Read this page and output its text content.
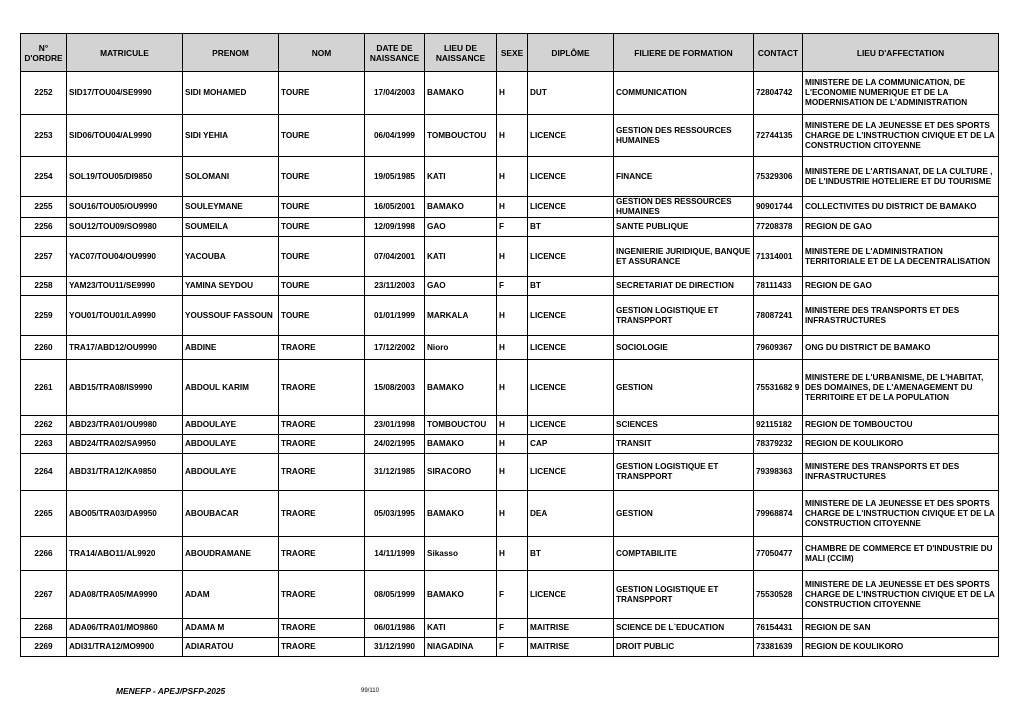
N° D'ORDRE	MATRICULE	PRENOM	NOM	DATE DE NAISSANCE	LIEU DE NAISSANCE	SEXE	DIPLÔME	FILIERE DE FORMATION	CONTACT	LIEU D'AFFECTATION
2252	SID17/TOU04/SE9990	SIDI MOHAMED	TOURE	17/04/2003	BAMAKO	H	DUT	COMMUNICATION	72804742	MINISTERE DE LA COMMUNICATION, DE L'ECONOMIE NUMERIQUE ET DE LA MODERNISATION DE L'ADMINISTRATION
2253	SID06/TOU04/AL9990	SIDI YEHIA	TOURE	06/04/1999	TOMBOUCTOU	H	LICENCE	GESTION DES RESSOURCES HUMAINES	72744135	MINISTERE DE LA JEUNESSE ET DES SPORTS CHARGE DE L'INSTRUCTION CIVIQUE ET DE LA CONSTRUCTION CITOYENNE
2254	SOL19/TOU05/DI9850	SOLOMANI	TOURE	19/05/1985	KATI	H	LICENCE	FINANCE	75329306	MINISTERE DE L'ARTISANAT, DE LA CULTURE , DE L'INDUSTRIE HOTELIERE ET DU TOURISME
2255	SOU16/TOU05/OU9990	SOULEYMANE	TOURE	16/05/2001	BAMAKO	H	LICENCE	GESTION DES RESSOURCES HUMAINES	90901744	COLLECTIVITES DU DISTRICT DE BAMAKO
2256	SOU12/TOU09/SO9980	SOUMEILA	TOURE	12/09/1998	GAO	F	BT	SANTE PUBLIQUE	77208378	REGION DE GAO
2257	YAC07/TOU04/OU9990	YACOUBA	TOURE	07/04/2001	KATI	H	LICENCE	INGENIERIE JURIDIQUE, BANQUE ET ASSURANCE	71314001	MINISTERE DE L'ADMINISTRATION TERRITORIALE ET DE LA DECENTRALISATION
2258	YAM23/TOU11/SE9990	YAMINA SEYDOU	TOURE	23/11/2003	GAO	F	BT	SECRETARIAT DE DIRECTION	78111433	REGION DE GAO
2259	YOU01/TOU01/LA9990	YOUSSOUF FASSOUN	TOURE	01/01/1999	MARKALA	H	LICENCE	GESTION LOGISTIQUE ET TRANSPPORT	78087241	MINISTERE DES TRANSPORTS ET DES INFRASTRUCTURES
2260	TRA17/ABD12/OU9990	ABDINE	TRAORE	17/12/2002	Nioro	H	LICENCE	SOCIOLOGIE	79609367	ONG DU DISTRICT DE BAMAKO
2261	ABD15/TRA08/IS9990	ABDOUL KARIM	TRAORE	15/08/2003	BAMAKO	H	LICENCE	GESTION	75531682 9	MINISTERE DE L'URBANISME, DE L'HABITAT, DES DOMAINES, DE L'AMENAGEMENT DU TERRITOIRE ET DE LA POPULATION
2262	ABD23/TRA01/OU9980	ABDOULAYE	TRAORE	23/01/1998	TOMBOUCTOU	H	LICENCE	SCIENCES	92115182	REGION DE TOMBOUCTOU
2263	ABD24/TRA02/SA9950	ABDOULAYE	TRAORE	24/02/1995	BAMAKO	H	CAP	TRANSIT	78379232	REGION DE KOULIKORO
2264	ABD31/TRA12/KA9850	ABDOULAYE	TRAORE	31/12/1985	SIRACORO	H	LICENCE	GESTION LOGISTIQUE ET TRANSPPORT	79398363	MINISTERE DES TRANSPORTS ET DES INFRASTRUCTURES
2265	ABO05/TRA03/DA9950	ABOUBACAR	TRAORE	05/03/1995	BAMAKO	H	DEA	GESTION	79968874	MINISTERE DE LA JEUNESSE ET DES SPORTS CHARGE DE L'INSTRUCTION CIVIQUE ET DE LA CONSTRUCTION CITOYENNE
2266	TRA14/ABO11/AL9920	ABOUDRAMANE	TRAORE	14/11/1999	Sikasso	H	BT	COMPTABILITE	77050477	CHAMBRE DE COMMERCE ET D'INDUSTRIE DU MALI (CCIM)
2267	ADA08/TRA05/MA9990	ADAM	TRAORE	08/05/1999	BAMAKO	F	LICENCE	GESTION LOGISTIQUE ET TRANSPPORT	75530528	MINISTERE DE LA JEUNESSE ET DES SPORTS CHARGE DE L'INSTRUCTION CIVIQUE ET DE LA CONSTRUCTION CITOYENNE
2268	ADA06/TRA01/MO9860	ADAMA M	TRAORE	06/01/1986	KATI	F	MAITRISE	SCIENCE DE L`EDUCATION	76154431	REGION DE SAN
2269	ADI31/TRA12/MO9900	ADIARATOU	TRAORE	31/12/1990	NIAGADINA	F	MAITRISE	DROIT PUBLIC	73381639	REGION DE KOULIKORO
MENEFP - APEJ/PSFP-2025	99/110
